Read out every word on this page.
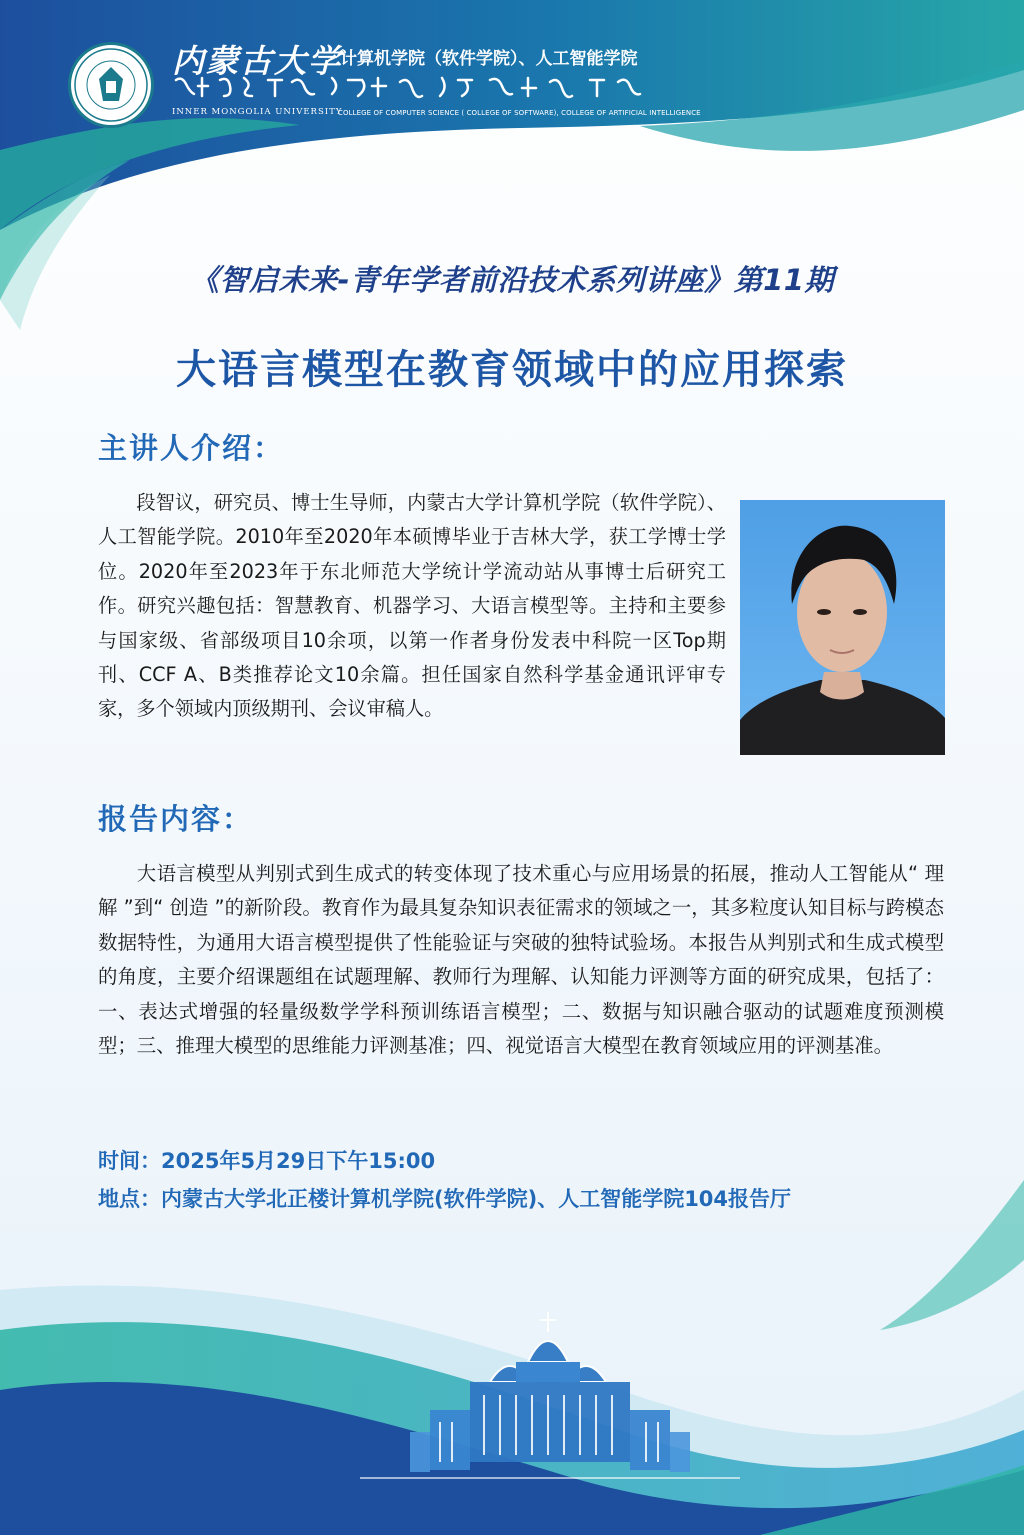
内蒙古大学
计算机学院（软件学院）、人工智能学院
INNER MONGOLIA UNIVERSITY
COLLEGE OF COMPUTER SCIENCE ( COLLEGE OF SOFTWARE), COLLEGE OF ARTIFICIAL INTELLIGENCE
《智启未来-青年学者前沿技术系列讲座》第11期
大语言模型在教育领域中的应用探索
主讲人介绍：

段智议，研究员、博士生导师，内蒙古大学计算机学院（软件学院）、人工智能学院。2010年至2020年本硕博毕业于吉林大学，获工学博士学位。2020年至2023年于东北师范大学统计学流动站从事博士后研究工作。研究兴趣包括：智慧教育、机器学习、大语言模型等。主持和主要参与国家级、省部级项目10余项，以第一作者身份发表中科院一区Top期刊、CCF A、B类推荐论文10余篇。担任国家自然科学基金通讯评审专家，多个领域内顶级期刊、会议审稿人。

报告内容：

大语言模型从判别式到生成式的转变体现了技术重心与应用场景的拓展，推动人工智能从“ 理解 ”到“ 创造 ”的新阶段。教育作为最具复杂知识表征需求的领域之一，其多粒度认知目标与跨模态数据特性，为通用大语言模型提供了性能验证与突破的独特试验场。本报告从判别式和生成式模型的角度，主要介绍课题组在试题理解、教师行为理解、认知能力评测等方面的研究成果，包括了：一、表达式增强的轻量级数学学科预训练语言模型；二、数据与知识融合驱动的试题难度预测模型；三、推理大模型的思维能力评测基准；四、视觉语言大模型在教育领域应用的评测基准。

时间：2025年5月29日下午15:00
地点：内蒙古大学北正楼计算机学院(软件学院)、人工智能学院104报告厅
